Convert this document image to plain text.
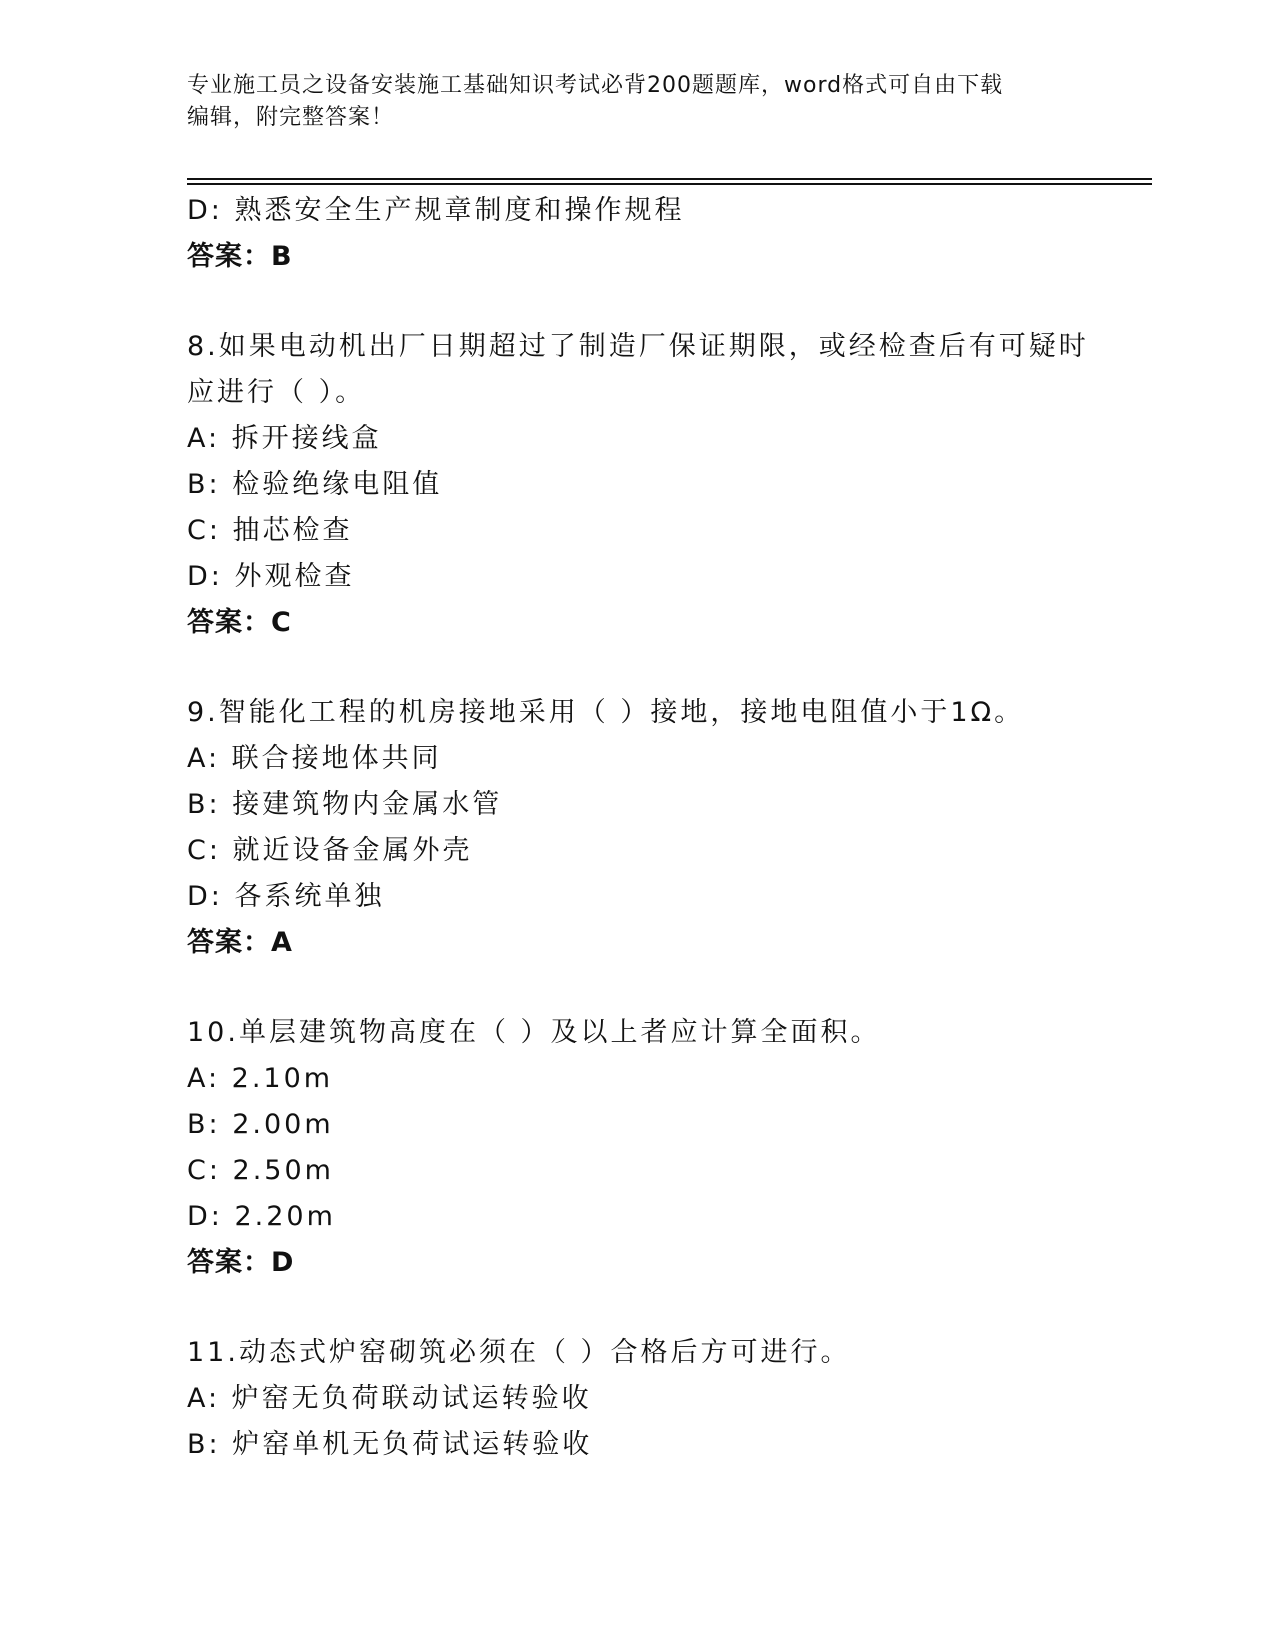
专业施工员之设备安装施工基础知识考试必背200题题库，word格式可自由下载
编辑，附完整答案！
D: 熟悉安全生产规章制度和操作规程
答案：B
8.如果电动机出厂日期超过了制造厂保证期限，或经检查后有可疑时
应进行（ ）。
A: 拆开接线盒
B: 检验绝缘电阻值
C: 抽芯检查
D: 外观检查
答案：C
9.智能化工程的机房接地采用（ ）接地，接地电阻值小于1Ω。
A: 联合接地体共同
B: 接建筑物内金属水管
C: 就近设备金属外壳
D: 各系统单独
答案：A
10.单层建筑物高度在（ ）及以上者应计算全面积。
A: 2.10m
B: 2.00m
C: 2.50m
D: 2.20m
答案：D
11.动态式炉窑砌筑必须在（ ）合格后方可进行。
A: 炉窑无负荷联动试运转验收
B: 炉窑单机无负荷试运转验收
